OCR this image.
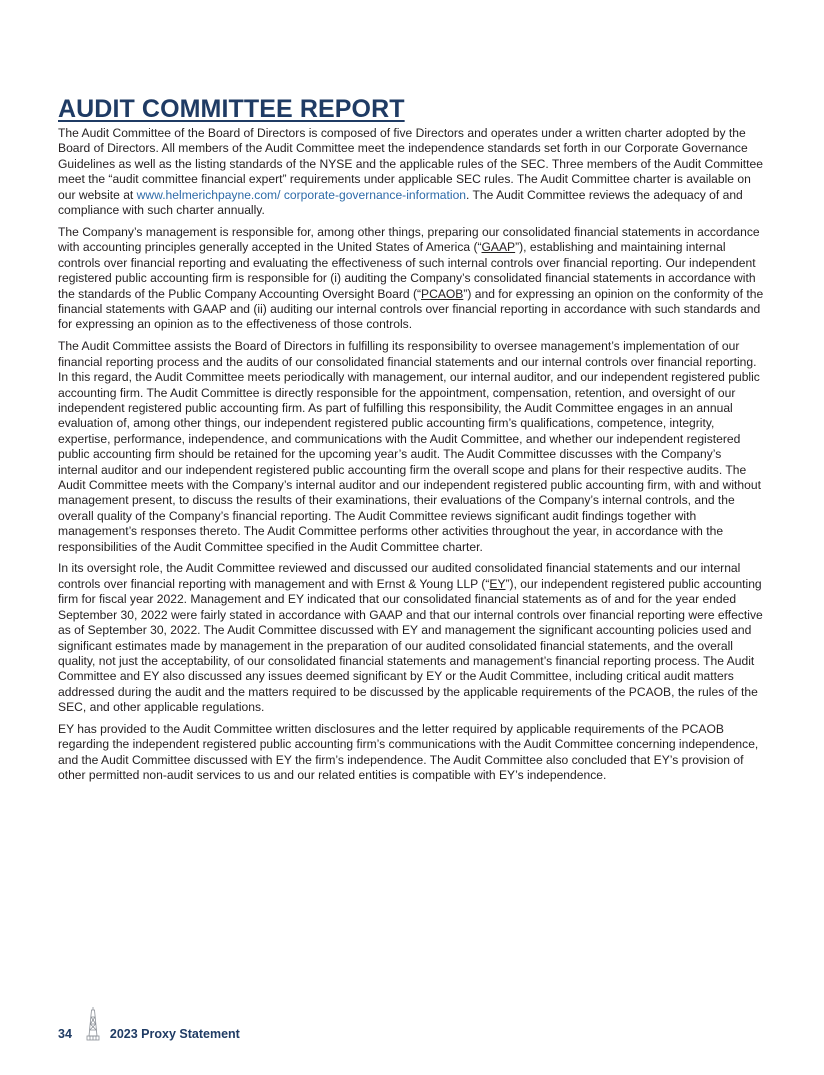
AUDIT COMMITTEE REPORT

The Audit Committee of the Board of Directors is composed of five Directors and operates under a written charter adopted by the Board of Directors. All members of the Audit Committee meet the independence standards set forth in our Corporate Governance Guidelines as well as the listing standards of the NYSE and the applicable rules of the SEC. Three members of the Audit Committee meet the “audit committee financial expert” requirements under applicable SEC rules. The Audit Committee charter is available on our website at www.helmerichpayne.com/ corporate-governance-information. The Audit Committee reviews the adequacy of and compliance with such charter annually.

The Company’s management is responsible for, among other things, preparing our consolidated financial statements in accordance with accounting principles generally accepted in the United States of America (“GAAP”), establishing and maintaining internal controls over financial reporting and evaluating the effectiveness of such internal controls over financial reporting. Our independent registered public accounting firm is responsible for (i) auditing the Company’s consolidated financial statements in accordance with the standards of the Public Company Accounting Oversight Board (“PCAOB”) and for expressing an opinion on the conformity of the financial statements with GAAP and (ii) auditing our internal controls over financial reporting in accordance with such standards and for expressing an opinion as to the effectiveness of those controls.

The Audit Committee assists the Board of Directors in fulfilling its responsibility to oversee management’s implementation of our financial reporting process and the audits of our consolidated financial statements and our internal controls over financial reporting. In this regard, the Audit Committee meets periodically with management, our internal auditor, and our independent registered public accounting firm. The Audit Committee is directly responsible for the appointment, compensation, retention, and oversight of our independent registered public accounting firm. As part of fulfilling this responsibility, the Audit Committee engages in an annual evaluation of, among other things, our independent registered public accounting firm’s qualifications, competence, integrity, expertise, performance, independence, and communications with the Audit Committee, and whether our independent registered public accounting firm should be retained for the upcoming year’s audit. The Audit Committee discusses with the Company’s internal auditor and our independent registered public accounting firm the overall scope and plans for their respective audits. The Audit Committee meets with the Company’s internal auditor and our independent registered public accounting firm, with and without management present, to discuss the results of their examinations, their evaluations of the Company’s internal controls, and the overall quality of the Company’s financial reporting. The Audit Committee reviews significant audit findings together with management’s responses thereto. The Audit Committee performs other activities throughout the year, in accordance with the responsibilities of the Audit Committee specified in the Audit Committee charter.

In its oversight role, the Audit Committee reviewed and discussed our audited consolidated financial statements and our internal controls over financial reporting with management and with Ernst & Young LLP (“EY”), our independent registered public accounting firm for fiscal year 2022. Management and EY indicated that our consolidated financial statements as of and for the year ended September 30, 2022 were fairly stated in accordance with GAAP and that our internal controls over financial reporting were effective as of September 30, 2022. The Audit Committee discussed with EY and management the significant accounting policies used and significant estimates made by management in the preparation of our audited consolidated financial statements, and the overall quality, not just the acceptability, of our consolidated financial statements and management’s financial reporting process. The Audit Committee and EY also discussed any issues deemed significant by EY or the Audit Committee, including critical audit matters addressed during the audit and the matters required to be discussed by the applicable requirements of the PCAOB, the rules of the SEC, and other applicable regulations.

EY has provided to the Audit Committee written disclosures and the letter required by applicable requirements of the PCAOB regarding the independent registered public accounting firm’s communications with the Audit Committee concerning independence, and the Audit Committee discussed with EY the firm’s independence. The Audit Committee also concluded that EY’s provision of other permitted non-audit services to us and our related entities is compatible with EY’s independence.

34	2023 Proxy Statement
